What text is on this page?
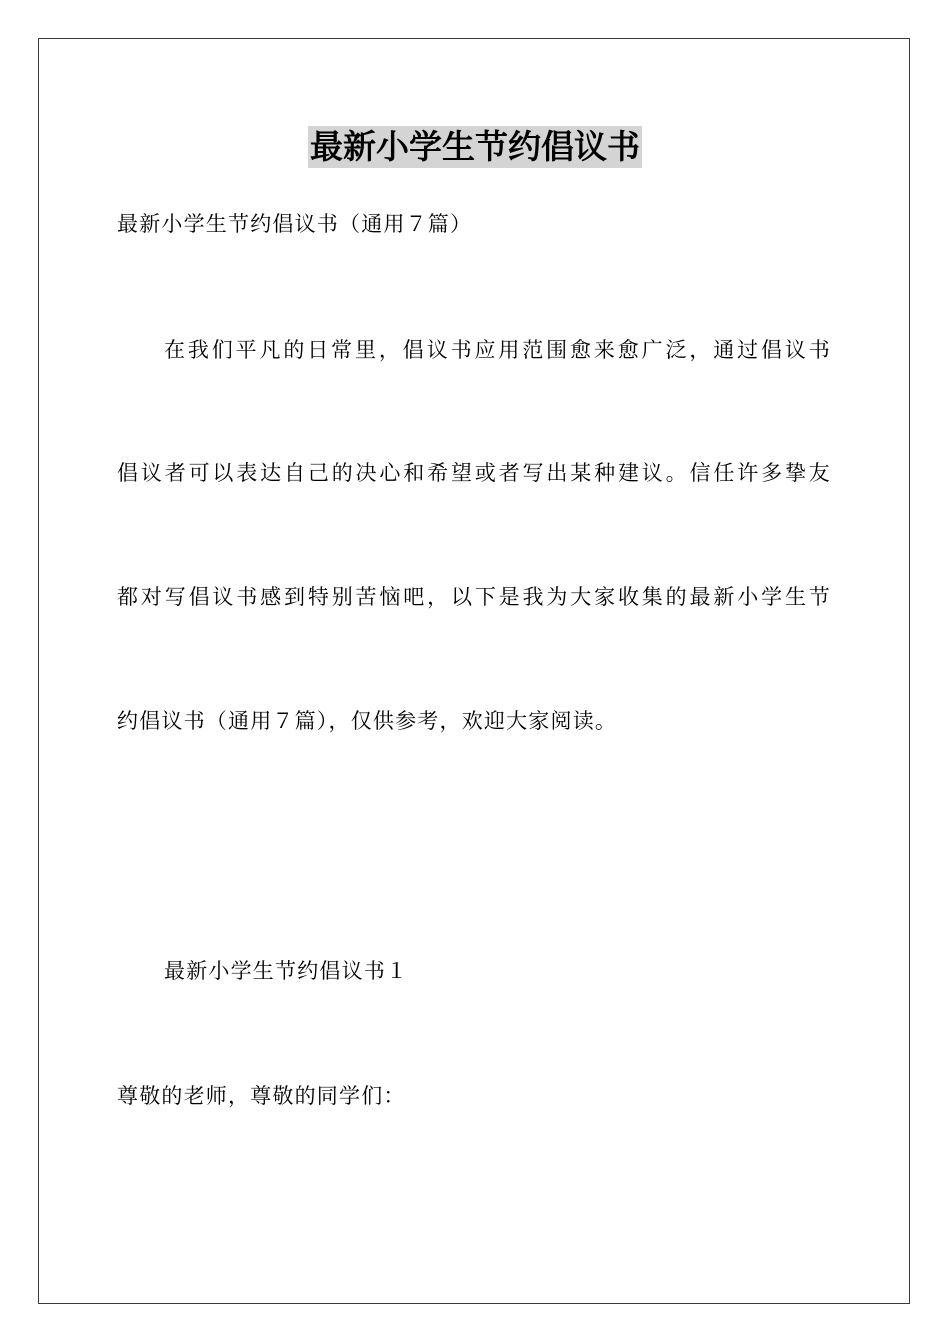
最新小学生节约倡议书
最新小学生节约倡议书（通用７篇）
在我们平凡的日常里，倡议书应用范围愈来愈广泛，通过倡议书
倡议者可以表达自己的决心和希望或者写出某种建议。信任许多挚友
都对写倡议书感到特别苦恼吧，以下是我为大家收集的最新小学生节
约倡议书（通用７篇），仅供参考，欢迎大家阅读。
最新小学生节约倡议书１
尊敬的老师，尊敬的同学们：
